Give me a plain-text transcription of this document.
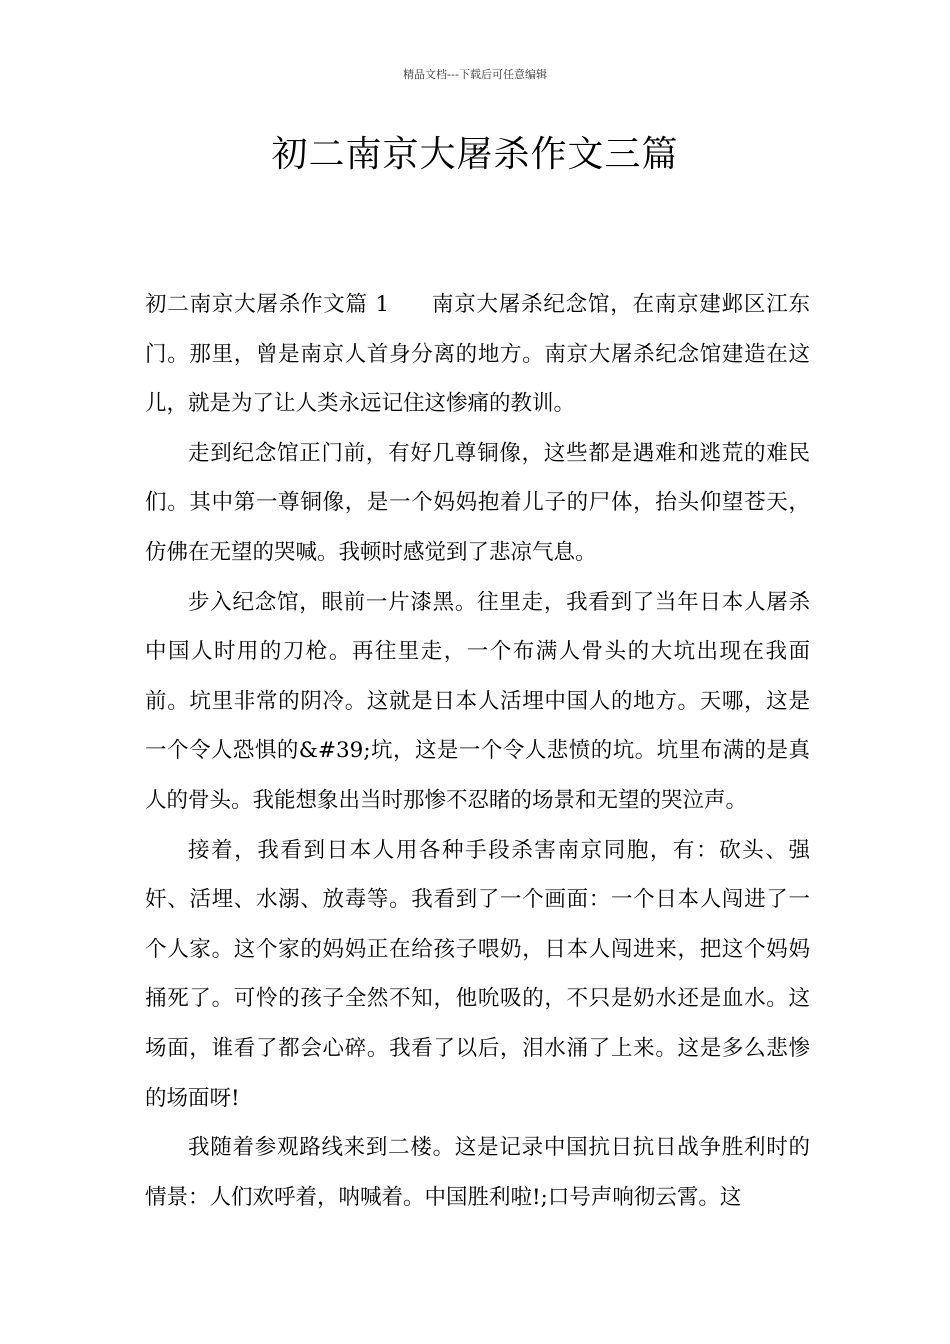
精品文档---下载后可任意编辑
初二南京大屠杀作文三篇

初二南京大屠杀作文篇 1 南京大屠杀纪念馆，在南京建邺区江东门。那里，曾是南京人首身分离的地方。南京大屠杀纪念馆建造在这儿，就是为了让人类永远记住这惨痛的教训。

走到纪念馆正门前，有好几尊铜像，这些都是遇难和逃荒的难民们。其中第一尊铜像，是一个妈妈抱着儿子的尸体，抬头仰望苍天，仿佛在无望的哭喊。我顿时感觉到了悲凉气息。

步入纪念馆，眼前一片漆黑。往里走，我看到了当年日本人屠杀中国人时用的刀枪。再往里走，一个布满人骨头的大坑出现在我面前。坑里非常的阴冷。这就是日本人活埋中国人的地方。天哪，这是一个令人恐惧的&#39;坑，这是一个令人悲愤的坑。坑里布满的是真人的骨头。我能想象出当时那惨不忍睹的场景和无望的哭泣声。

接着，我看到日本人用各种手段杀害南京同胞，有：砍头、强奸、活埋、水溺、放毒等。我看到了一个画面：一个日本人闯进了一个人家。这个家的妈妈正在给孩子喂奶，日本人闯进来，把这个妈妈捅死了。可怜的孩子全然不知，他吮吸的，不只是奶水还是血水。这场面，谁看了都会心碎。我看了以后，泪水涌了上来。这是多么悲惨的场面呀!

我随着参观路线来到二楼。这是记录中国抗日抗日战争胜利时的情景：人们欢呼着，呐喊着。中国胜利啦!;口号声响彻云霄。这
